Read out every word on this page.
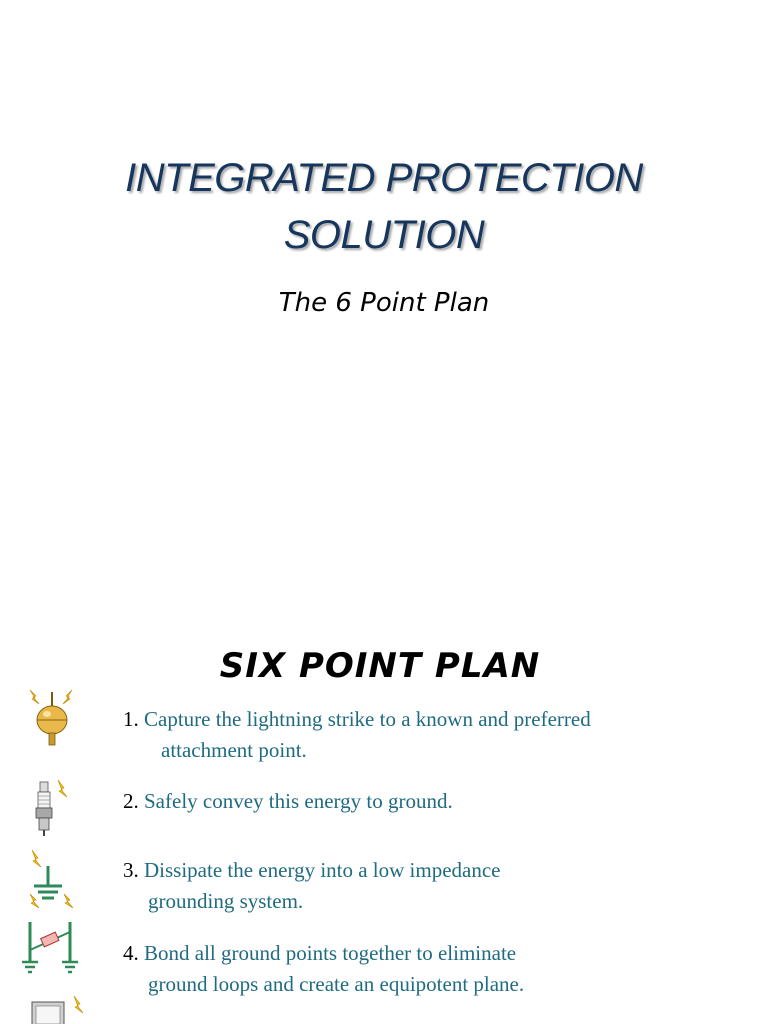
INTEGRATED PROTECTION
SOLUTION
The 6 Point Plan
SIX POINT PLAN
1. Capture the lightning strike to a known and preferred
attachment point.
2. Safely convey this energy to ground.
3. Dissipate the energy into a low impedance
grounding system.
4. Bond all ground points together to eliminate
ground loops and create an equipotent plane.
